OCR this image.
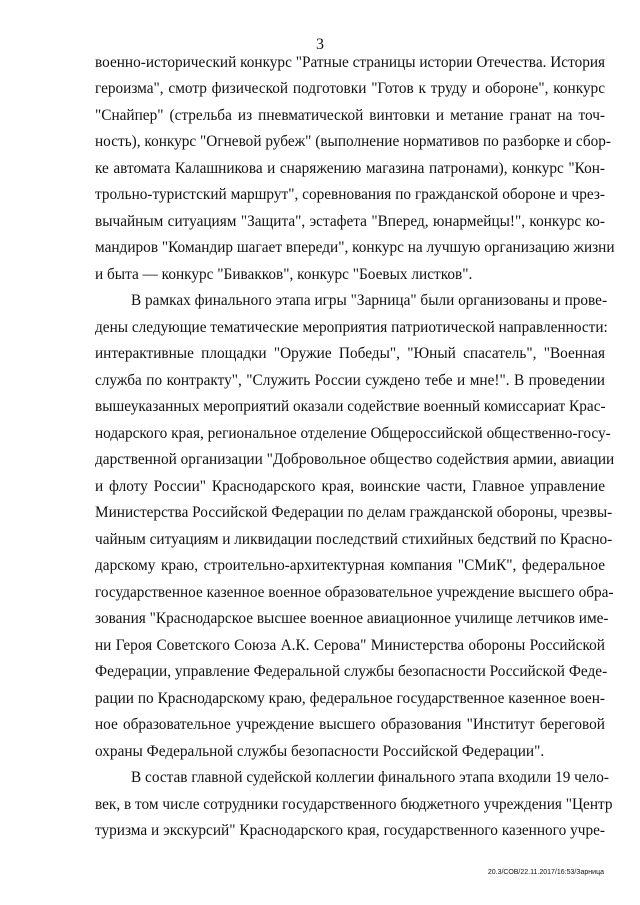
3
военно-исторический конкурс "Ратные страницы истории Отечества. История
героизма", смотр физической подготовки "Готов к труду и обороне", конкурс
"Снайпер" (стрельба из пневматической винтовки и метание гранат на точ-
ность), конкурс "Огневой рубеж" (выполнение нормативов по разборке и сбор-
ке автомата Калашникова и снаряжению магазина патронами), конкурс "Кон-
трольно-туристский маршрут", соревнования по гражданской обороне и чрез-
вычайным ситуациям "Защита", эстафета "Вперед, юнармейцы!", конкурс ко-
мандиров "Командир шагает впереди", конкурс на лучшую организацию жизни
и быта — конкурс "Бивакков", конкурс "Боевых листков".
В рамках финального этапа игры "Зарница" были организованы и прове-
дены следующие тематические мероприятия патриотической направленности:
интерактивные площадки "Оружие Победы", "Юный спасатель", "Военная
служба по контракту", "Служить России суждено тебе и мне!". В проведении
вышеуказанных мероприятий оказали содействие военный комиссариат Крас-
нодарского края, региональное отделение Общероссийской общественно-госу-
дарственной организации "Добровольное общество содействия армии, авиации
и флоту России" Краснодарского края, воинские части, Главное управление
Министерства Российской Федерации по делам гражданской обороны, чрезвы-
чайным ситуациям и ликвидации последствий стихийных бедствий по Красно-
дарскому краю, строительно-архитектурная компания "СМиК", федеральное
государственное казенное военное образовательное учреждение высшего обра-
зования "Краснодарское высшее военное авиационное училище летчиков име-
ни Героя Советского Союза А.К. Серова" Министерства обороны Российской
Федерации, управление Федеральной службы безопасности Российской Феде-
рации по Краснодарскому краю, федеральное государственное казенное воен-
ное образовательное учреждение высшего образования "Институт береговой
охраны Федеральной службы безопасности Российской Федерации".
В состав главной судейской коллегии финального этапа входили 19 чело-
век, в том числе сотрудники государственного бюджетного учреждения "Центр
туризма и экскурсий" Краснодарского края, государственного казенного учре-
20.3/СОВ/22.11.2017/16:53/Зарница
